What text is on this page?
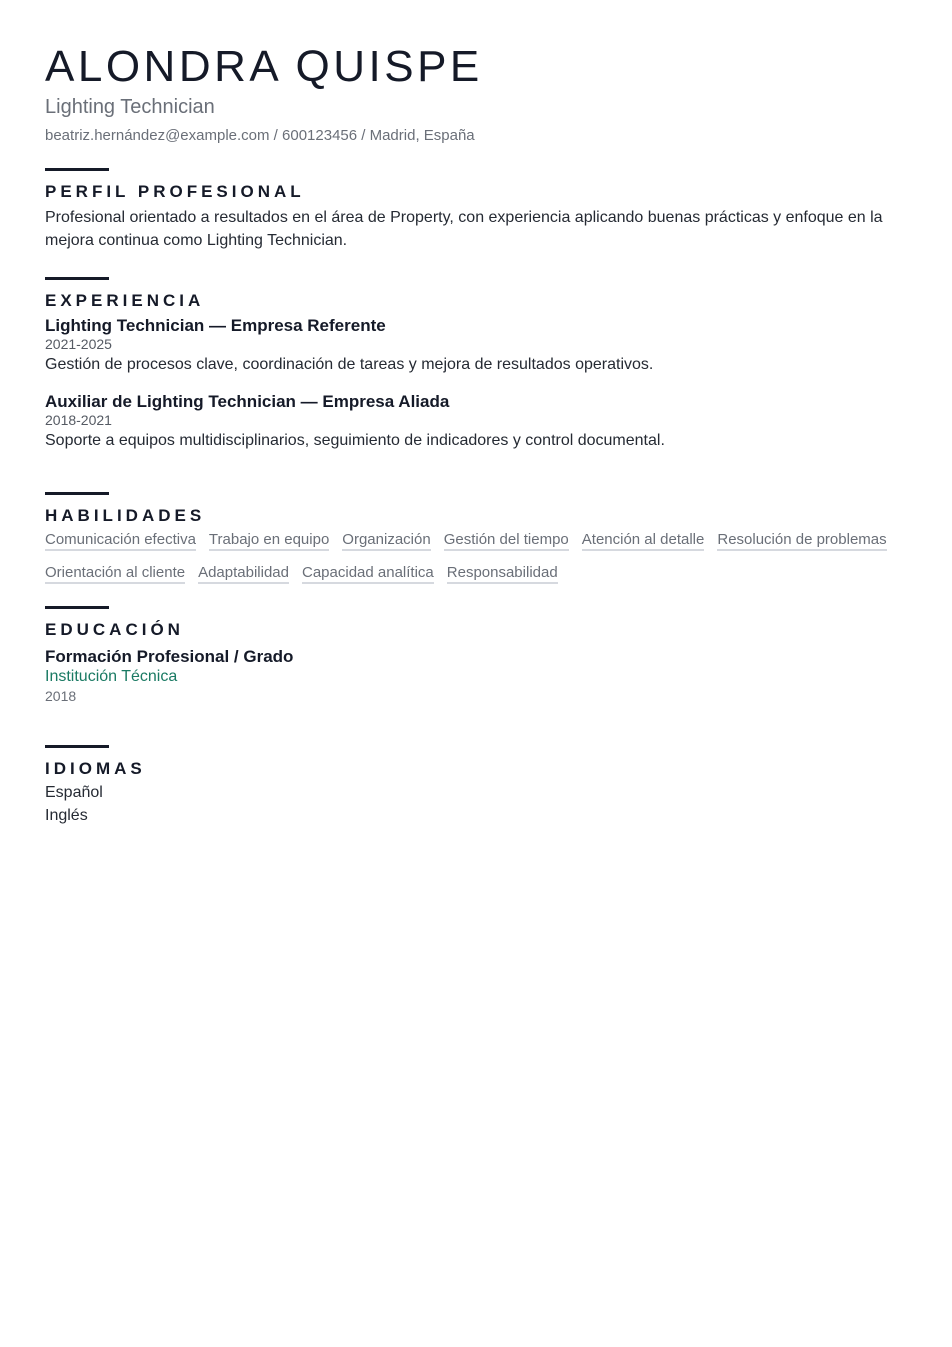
ALONDRA QUISPE
Lighting Technician
beatriz.hernández@example.com / 600123456 / Madrid, España
PERFIL PROFESIONAL
Profesional orientado a resultados en el área de Property, con experiencia aplicando buenas prácticas y enfoque en la mejora continua como Lighting Technician.
EXPERIENCIA
Lighting Technician — Empresa Referente
2021-2025
Gestión de procesos clave, coordinación de tareas y mejora de resultados operativos.
Auxiliar de Lighting Technician — Empresa Aliada
2018-2021
Soporte a equipos multidisciplinarios, seguimiento de indicadores y control documental.
HABILIDADES
Comunicación efectiva Trabajo en equipo Organización Gestión del tiempo Atención al detalle Resolución de problemas
Orientación al cliente Adaptabilidad Capacidad analítica Responsabilidad
EDUCACIÓN
Formación Profesional / Grado
Institución Técnica
2018
IDIOMAS
Español
Inglés
